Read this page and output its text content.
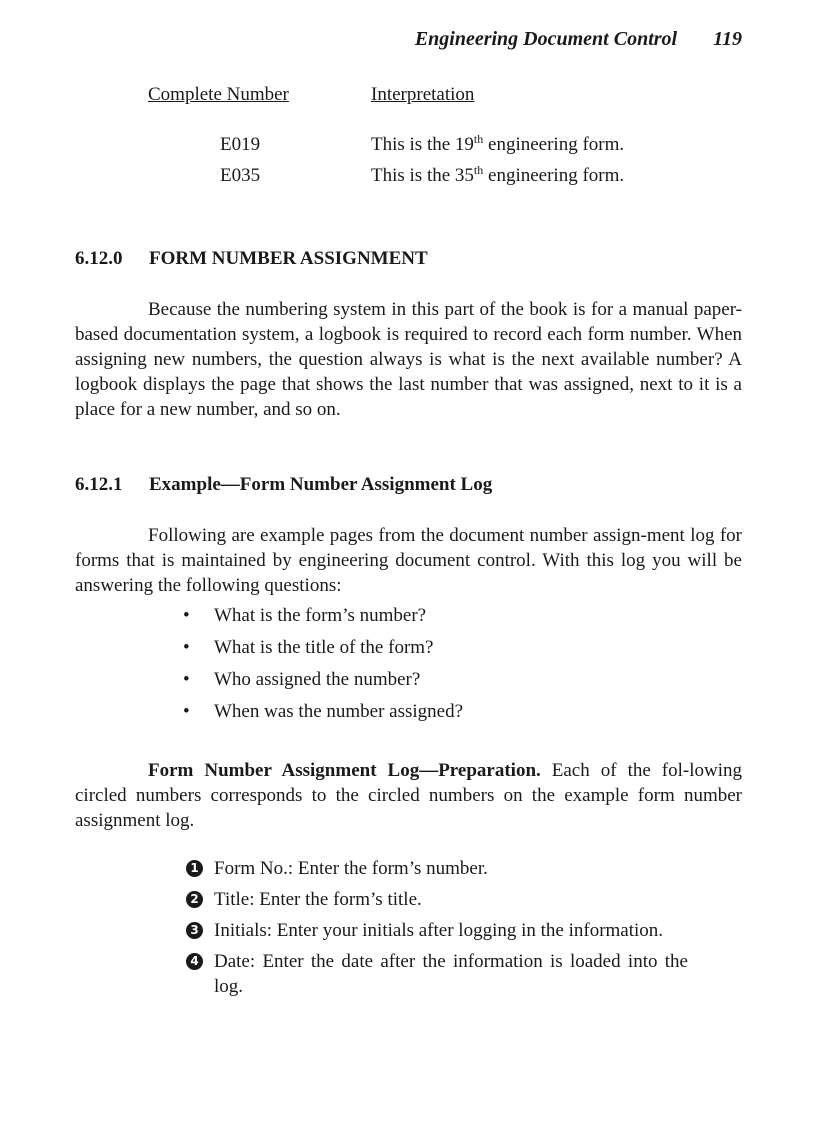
Engineering Document Control 119
Complete Number	Interpretation
E019	This is the 19th engineering form.
E035	This is the 35th engineering form.
6.12.0 FORM NUMBER ASSIGNMENT

Because the numbering system in this part of the book is for a manual paper-based documentation system, a logbook is required to record each form number. When assigning new numbers, the question always is what is the next available number? A logbook displays the page that shows the last number that was assigned, next to it is a place for a new number, and so on.

6.12.1 Example—Form Number Assignment Log

Following are example pages from the document number assign-ment log for forms that is maintained by engineering document control. With this log you will be answering the following questions:

•	What is the form’s number?
•	What is the title of the form?
•	Who assigned the number?
•	When was the number assigned?

Form Number Assignment Log—Preparation. Each of the fol-lowing circled numbers corresponds to the circled numbers on the example form number assignment log.

1 Form No.: Enter the form’s number.
2 Title: Enter the form’s title.
3 Initials: Enter your initials after logging in the information.
4 Date: Enter the date after the information is loaded into the log.
